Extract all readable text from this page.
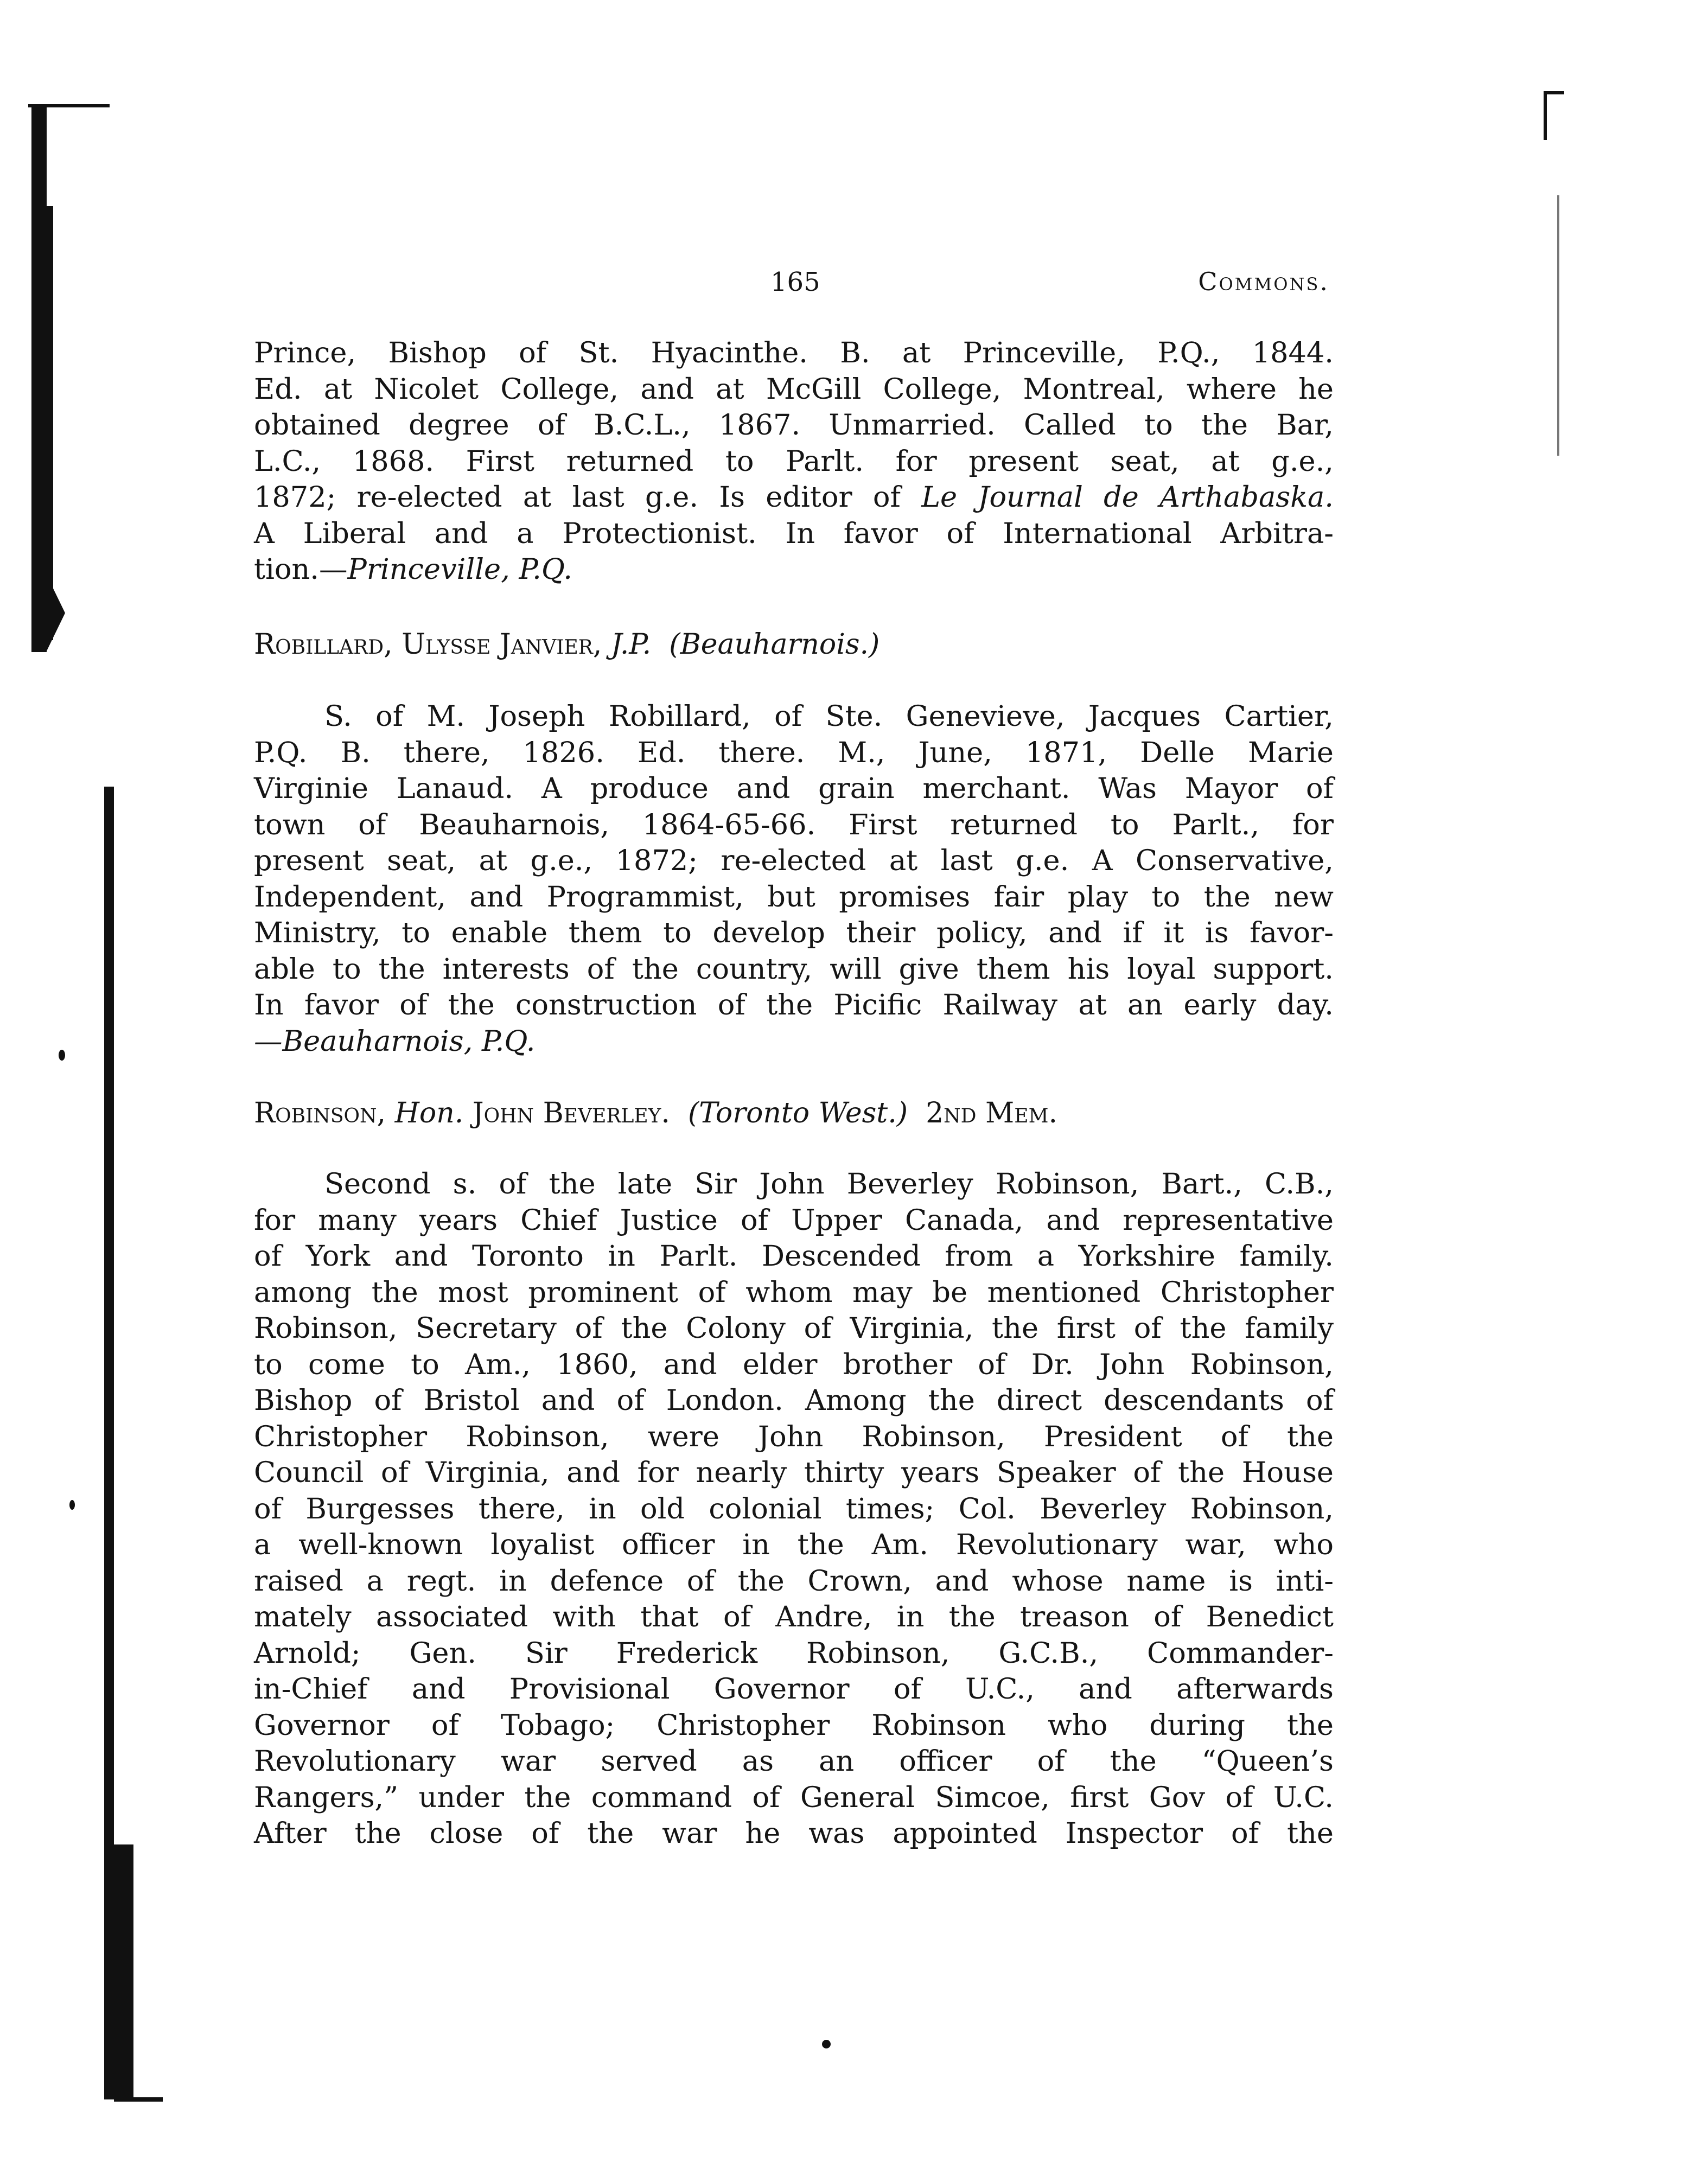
165	Commons.
Prince, Bishop of St. Hyacinthe. B. at Princeville, P.Q., 1844.
Ed. at Nicolet College, and at McGill College, Montreal, where he
obtained degree of B.C.L., 1867. Unmarried. Called to the Bar,
L.C., 1868. First returned to Parlt. for present seat, at g.e.,
1872; re-elected at last g.e. Is editor of Le Journal de Arthabaska.
A Liberal and a Protectionist. In favor of International Arbitra-
tion.—Princeville, P.Q.
Robillard, Ulysse Janvier, J.P. (Beauharnois.)
S. of M. Joseph Robillard, of Ste. Genevieve, Jacques Cartier,
P.Q. B. there, 1826. Ed. there. M., June, 1871, Delle Marie
Virginie Lanaud. A produce and grain merchant. Was Mayor of
town of Beauharnois, 1864-65-66. First returned to Parlt., for
present seat, at g.e., 1872; re-elected at last g.e. A Conservative,
Independent, and Programmist, but promises fair play to the new
Ministry, to enable them to develop their policy, and if it is favor-
able to the interests of the country, will give them his loyal support.
In favor of the construction of the Picific Railway at an early day.
—Beauharnois, P.Q.
Robinson, Hon. John Beverley. (Toronto West.) 2nd Mem.
Second s. of the late Sir John Beverley Robinson, Bart., C.B.,
for many years Chief Justice of Upper Canada, and representative
of York and Toronto in Parlt. Descended from a Yorkshire family.
among the most prominent of whom may be mentioned Christopher
Robinson, Secretary of the Colony of Virginia, the first of the family
to come to Am., 1860, and elder brother of Dr. John Robinson,
Bishop of Bristol and of London. Among the direct descendants of
Christopher Robinson, were John Robinson, President of the
Council of Virginia, and for nearly thirty years Speaker of the House
of Burgesses there, in old colonial times; Col. Beverley Robinson,
a well-known loyalist officer in the Am. Revolutionary war, who
raised a regt. in defence of the Crown, and whose name is inti-
mately associated with that of Andre, in the treason of Benedict
Arnold; Gen. Sir Frederick Robinson, G.C.B., Commander-
in-Chief and Provisional Governor of U.C., and afterwards
Governor of Tobago; Christopher Robinson who during the
Revolutionary war served as an officer of the “Queen’s
Rangers,” under the command of General Simcoe, first Gov of U.C.
After the close of the war he was appointed Inspector of the
